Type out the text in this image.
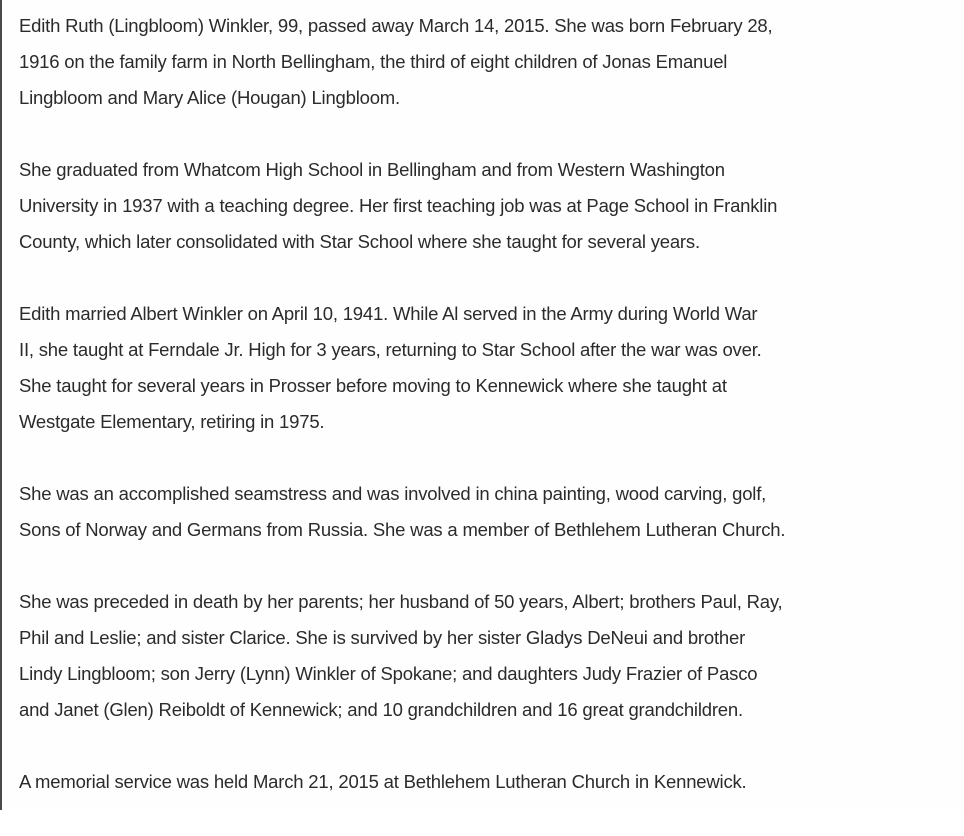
Edith Ruth (Lingbloom) Winkler, 99, passed away March 14, 2015. She was born February 28,
1916 on the family farm in North Bellingham, the third of eight children of Jonas Emanuel
Lingbloom and Mary Alice (Hougan) Lingbloom.

She graduated from Whatcom High School in Bellingham and from Western Washington
University in 1937 with a teaching degree. Her first teaching job was at Page School in Franklin
County, which later consolidated with Star School where she taught for several years.

Edith married Albert Winkler on April 10, 1941. While Al served in the Army during World War
II, she taught at Ferndale Jr. High for 3 years, returning to Star School after the war was over.
She taught for several years in Prosser before moving to Kennewick where she taught at
Westgate Elementary, retiring in 1975.

She was an accomplished seamstress and was involved in china painting, wood carving, golf,
Sons of Norway and Germans from Russia. She was a member of Bethlehem Lutheran Church.

She was preceded in death by her parents; her husband of 50 years, Albert; brothers Paul, Ray,
Phil and Leslie; and sister Clarice. She is survived by her sister Gladys DeNeui and brother
Lindy Lingbloom; son Jerry (Lynn) Winkler of Spokane; and daughters Judy Frazier of Pasco
and Janet (Glen) Reiboldt of Kennewick; and 10 grandchildren and 16 great grandchildren.

A memorial service was held March 21, 2015 at Bethlehem Lutheran Church in Kennewick.
